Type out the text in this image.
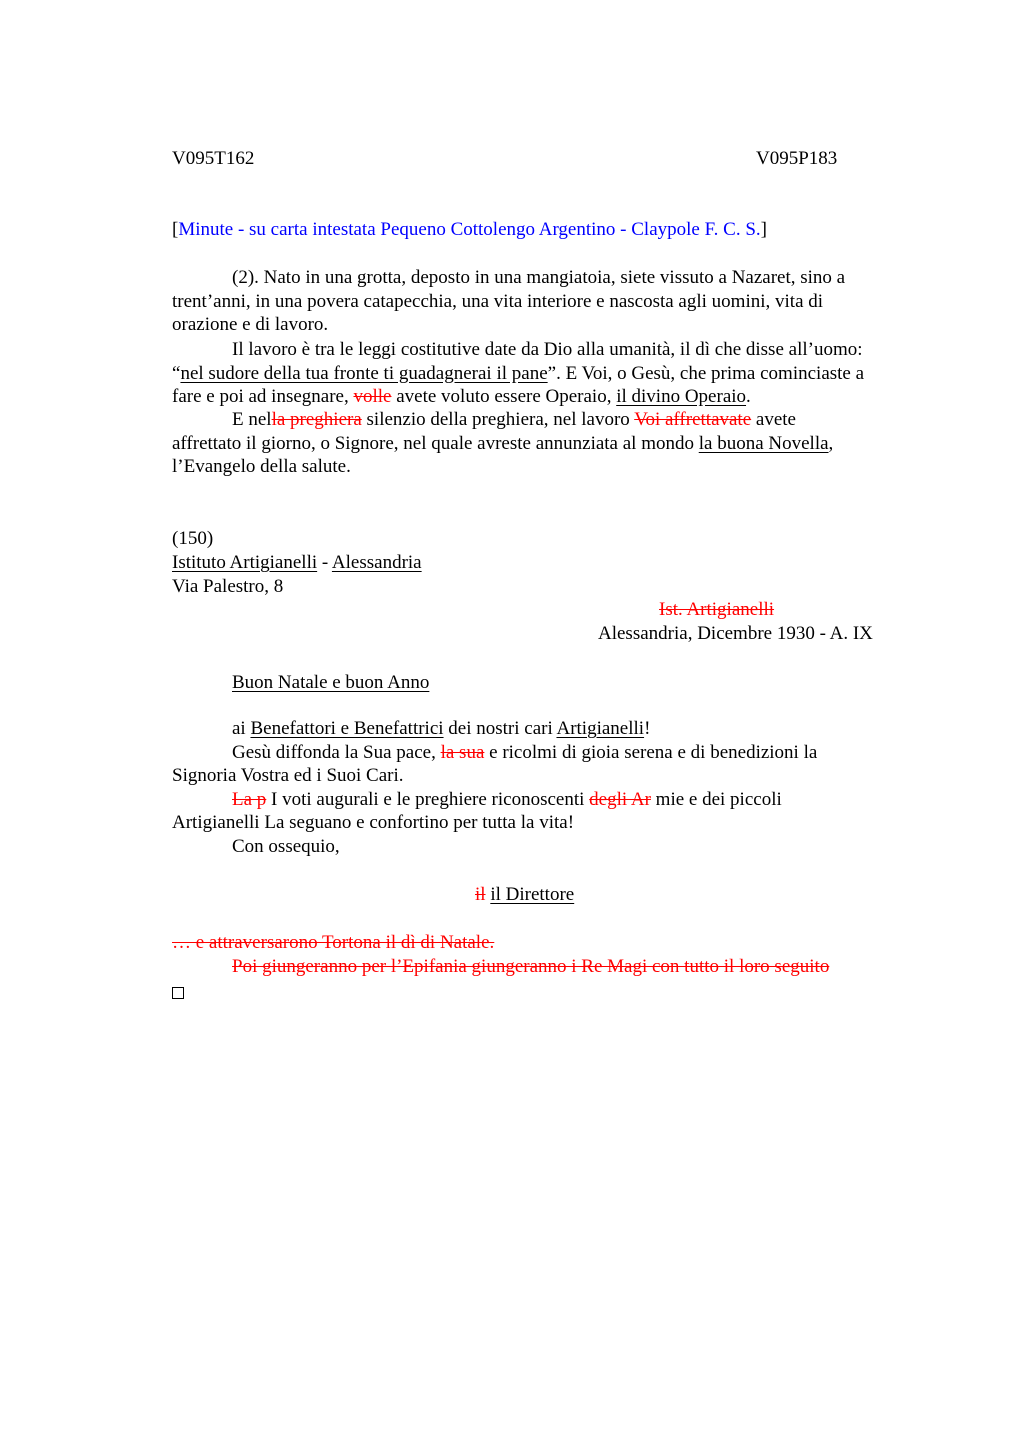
V095T162	V095P183
[Minute - su carta intestata Pequeno Cottolengo Argentino - Claypole F. C. S.]
(2). Nato in una grotta, deposto in una mangiatoia, siete vissuto a Nazaret, sino a
trent’anni, in una povera catapecchia, una vita interiore e nascosta agli uomini, vita di
orazione e di lavoro.
Il lavoro è tra le leggi costitutive date da Dio alla umanità, il dì che disse all’uomo:
“nel sudore della tua fronte ti guadagnerai il pane”. E Voi, o Gesù, che prima cominciaste a
fare e poi ad insegnare, volle avete voluto essere Operaio, il divino Operaio.
E nella preghiera silenzio della preghiera, nel lavoro Voi affrettavate avete
affrettato il giorno, o Signore, nel quale avreste annunziata al mondo la buona Novella,
l’Evangelo della salute.
(150)
Istituto Artigianelli - Alessandria
Via Palestro, 8
Ist. Artigianelli
Alessandria, Dicembre 1930 - A. IX
Buon Natale e buon Anno
ai Benefattori e Benefattrici dei nostri cari Artigianelli!
Gesù diffonda la Sua pace, la sua e ricolmi di gioia serena e di benedizioni la
Signoria Vostra ed i Suoi Cari.
La p I voti augurali e le preghiere riconoscenti degli Ar mie e dei piccoli
Artigianelli La seguano e confortino per tutta la vita!
Con ossequio,
il il Direttore
… e attraversarono Tortona il dì di Natale.
Poi giungeranno per l’Epifania giungeranno i Re Magi con tutto il loro seguito
